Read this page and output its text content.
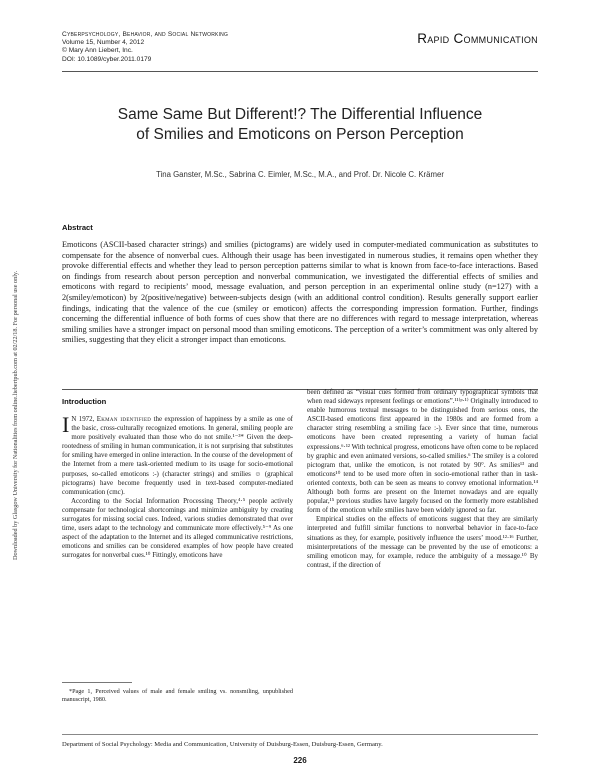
Cyberpsychology, Behavior, and Social Networking
Volume 15, Number 4, 2012
© Mary Ann Liebert, Inc.
DOI: 10.1089/cyber.2011.0179
Rapid Communication
Same Same But Different!? The Differential Influence
of Smilies and Emoticons on Person Perception
Tina Ganster, M.Sc., Sabrina C. Eimler, M.Sc., M.A., and Prof. Dr. Nicole C. Krämer
Abstract

Emoticons (ASCII-based character strings) and smilies (pictograms) are widely used in computer-mediated communication as substitutes to compensate for the absence of nonverbal cues. Although their usage has been investigated in numerous studies, it remains open whether they provoke differential effects and whether they lead to person perception patterns similar to what is known from face-to-face interactions. Based on findings from research about person perception and nonverbal communication, we investigated the differential effects of smilies and emoticons with regard to recipients’ mood, message evaluation, and person perception in an experimental online study (n=127) with a 2(smiley/emoticon) by 2(positive/negative) between-subjects design (with an additional control condition). Results generally support earlier findings, indicating that the valence of the cue (smiley or emoticon) affects the corresponding impression formation. Further, findings concerning the differential influence of both forms of cues show that there are no differences with regard to message interpretation, whereas smiling smilies have a stronger impact on personal mood than smiling emoticons. The perception of a writer’s commitment was only altered by smilies, suggesting that they elicit a stronger impact than emoticons.

Introduction

I N 1972, Ekman identified the expression of happiness by a smile as one of the basic, cross-culturally recognized emotions. In general, smiling people are more positively evaluated than those who do not smile.¹⁻³* Given the deep-rootedness of smiling in human communication, it is not surprising that substitutes for smiling have emerged in online interaction. In the course of the development of the Internet from a mere task-oriented medium to its usage for socio-emotional purposes, so-called emoticons :-) (character strings) and smilies ☺ (graphical pictograms) have become frequently used in text-based computer-mediated communication (cmc).

According to the Social Information Processing Theory,⁴·⁵ people actively compensate for technological shortcomings and minimize ambiguity by creating surrogates for missing social cues. Indeed, various studies demonstrated that over time, users adapt to the technology and communicate more effectively.⁵⁻⁹ As one aspect of the adaptation to the Internet and its alleged communicative restrictions, emoticons and smilies can be considered examples of how people have created surrogates for nonverbal cues.¹⁰ Fittingly, emoticons have

*Page 1, Perceived values of male and female smiling vs. nonsmiling, unpublished manuscript, 1980.

been defined as “visual cues formed from ordinary typographical symbols that when read sideways represent feelings or emotions”.¹¹⁽ᵖ·¹⁾ Originally introduced to enable humorous textual messages to be distinguished from serious ones, the ASCII-based emoticons first appeared in the 1980s and are formed from a character string resembling a smiling face :-). Ever since that time, numerous emoticons have been created representing a variety of human facial expressions.⁶·¹² With technical progress, emoticons have often come to be replaced by graphic and even animated versions, so-called smilies.⁶ The smiley is a colored pictogram that, unlike the emoticon, is not rotated by 90°. As smilies¹³ and emoticons¹⁰ tend to be used more often in socio-emotional rather than in task-oriented contexts, both can be seen as means to convey emotional information.¹⁴ Although both forms are present on the Internet nowadays and are equally popular,¹⁵ previous studies have largely focused on the formerly more established form of the emoticon while smilies have been widely ignored so far.

Empirical studies on the effects of emoticons suggest that they are similarly interpreted and fulfill similar functions to nonverbal behavior in face-to-face situations as they, for example, positively influence the users’ mood.¹²·¹⁶ Further, misinterpretations of the message can be prevented by the use of emoticons: a smiling emoticon may, for example, reduce the ambiguity of a message.¹⁰ By contrast, if the direction of

Department of Social Psychology: Media and Communication, University of Duisburg-Essen, Duisburg-Essen, Germany.
226
Downloaded by Glasgow University for Nationalities from online.liebertpub.com at 02/22/18. For personal use only.
